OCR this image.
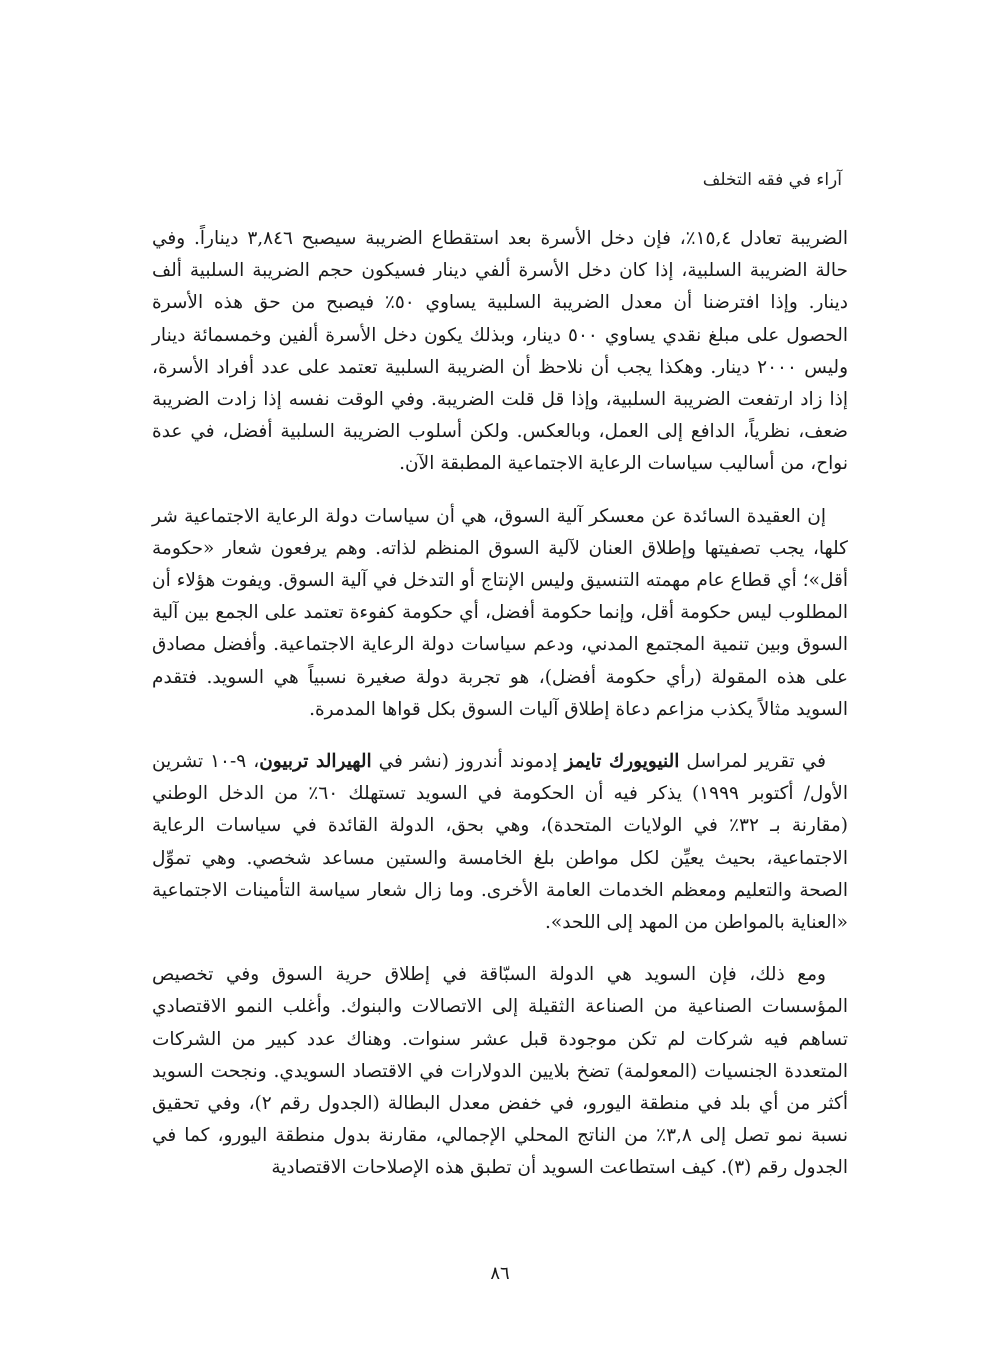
آراء في فقه التخلف

الضريبة تعادل ١٥,٤٪، فإن دخل الأسرة بعد استقطاع الضريبة سيصبح ٣,٨٤٦ ديناراً. وفي حالة الضريبة السلبية، إذا كان دخل الأسرة ألفي دينار فسيكون حجم الضريبة السلبية ألف دينار. وإذا افترضنا أن معدل الضريبة السلبية يساوي ٥٠٪ فيصبح من حق هذه الأسرة الحصول على مبلغ نقدي يساوي ٥٠٠ دينار، وبذلك يكون دخل الأسرة ألفين وخمسمائة دينار وليس ٢٠٠٠ دينار. وهكذا يجب أن نلاحظ أن الضريبة السلبية تعتمد على عدد أفراد الأسرة، إذا زاد ارتفعت الضريبة السلبية، وإذا قل قلت الضريبة. وفي الوقت نفسه إذا زادت الضريبة ضعف، نظرياً، الدافع إلى العمل، وبالعكس. ولكن أسلوب الضريبة السلبية أفضل، في عدة نواح، من أساليب سياسات الرعاية الاجتماعية المطبقة الآن.

إن العقيدة السائدة عن معسكر آلية السوق، هي أن سياسات دولة الرعاية الاجتماعية شر كلها، يجب تصفيتها وإطلاق العنان لآلية السوق المنظم لذاته. وهم يرفعون شعار «حكومة أقل»؛ أي قطاع عام مهمته التنسيق وليس الإنتاج أو التدخل في آلية السوق. ويفوت هؤلاء أن المطلوب ليس حكومة أقل، وإنما حكومة أفضل، أي حكومة كفوءة تعتمد على الجمع بين آلية السوق وبين تنمية المجتمع المدني، ودعم سياسات دولة الرعاية الاجتماعية. وأفضل مصادق على هذه المقولة (رأي حكومة أفضل)، هو تجربة دولة صغيرة نسبياً هي السويد. فتقدم السويد مثالاً يكذب مزاعم دعاة إطلاق آليات السوق بكل قواها المدمرة.

في تقرير لمراسل النيويورك تايمز إدموند أندروز (نشر في الهيرالد تربيون، ٩-١٠ تشرين الأول/ أكتوبر ١٩٩٩) يذكر فيه أن الحكومة في السويد تستهلك ٦٠٪ من الدخل الوطني (مقارنة بـ ٣٢٪ في الولايات المتحدة)، وهي بحق، الدولة القائدة في سياسات الرعاية الاجتماعية، بحيث يعيِّن لكل مواطن بلغ الخامسة والستين مساعد شخصي. وهي تموِّل الصحة والتعليم ومعظم الخدمات العامة الأخرى. وما زال شعار سياسة التأمينات الاجتماعية «العناية بالمواطن من المهد إلى اللحد».

ومع ذلك، فإن السويد هي الدولة السبّاقة في إطلاق حرية السوق وفي تخصيص المؤسسات الصناعية من الصناعة الثقيلة إلى الاتصالات والبنوك. وأغلب النمو الاقتصادي تساهم فيه شركات لم تكن موجودة قبل عشر سنوات. وهناك عدد كبير من الشركات المتعددة الجنسيات (المعولمة) تضخ بلايين الدولارات في الاقتصاد السويدي. ونجحت السويد أكثر من أي بلد في منطقة اليورو، في خفض معدل البطالة (الجدول رقم ٢)، وفي تحقيق نسبة نمو تصل إلى ٣,٨٪ من الناتج المحلي الإجمالي، مقارنة بدول منطقة اليورو، كما في الجدول رقم (٣). كيف استطاعت السويد أن تطبق هذه الإصلاحات الاقتصادية

٨٦
